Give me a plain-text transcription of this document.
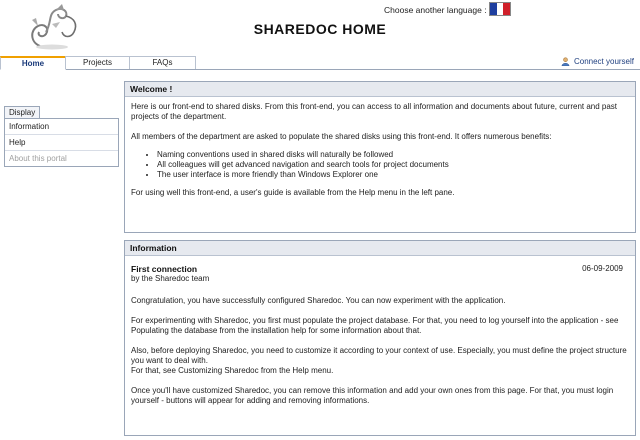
SHAREDOC HOME
Choose another language :
Home	Projects	FAQs	Connect yourself
Display
Information
Help
About this portal
Welcome !

Here is our front-end to shared disks. From this front-end, you can access to all information and documents about future, current and past projects of the department.

All members of the department are asked to populate the shared disks using this front-end. It offers numerous benefits:

• Naming conventions used in shared disks will naturally be followed
• All colleagues will get advanced navigation and search tools for project documents
• The user interface is more friendly than Windows Explorer one

For using well this front-end, a user's guide is available from the Help menu in the left pane.

Information
First connection
by the Sharedoc team
06-09-2009

Congratulation, you have successfully configured Sharedoc. You can now experiment with the application.

For experimenting with Sharedoc, you first must populate the project database. For that, you need to log yourself into the application - see Populating the database from the installation help for some information about that.

Also, before deploying Sharedoc, you need to customize it according to your context of use. Especially, you must define the project structure you want to deal with.
For that, see Customizing Sharedoc from the Help menu.

Once you'll have customized Sharedoc, you can remove this information and add your own ones from this page. For that, you must login yourself - buttons will appear for adding and removing informations.
